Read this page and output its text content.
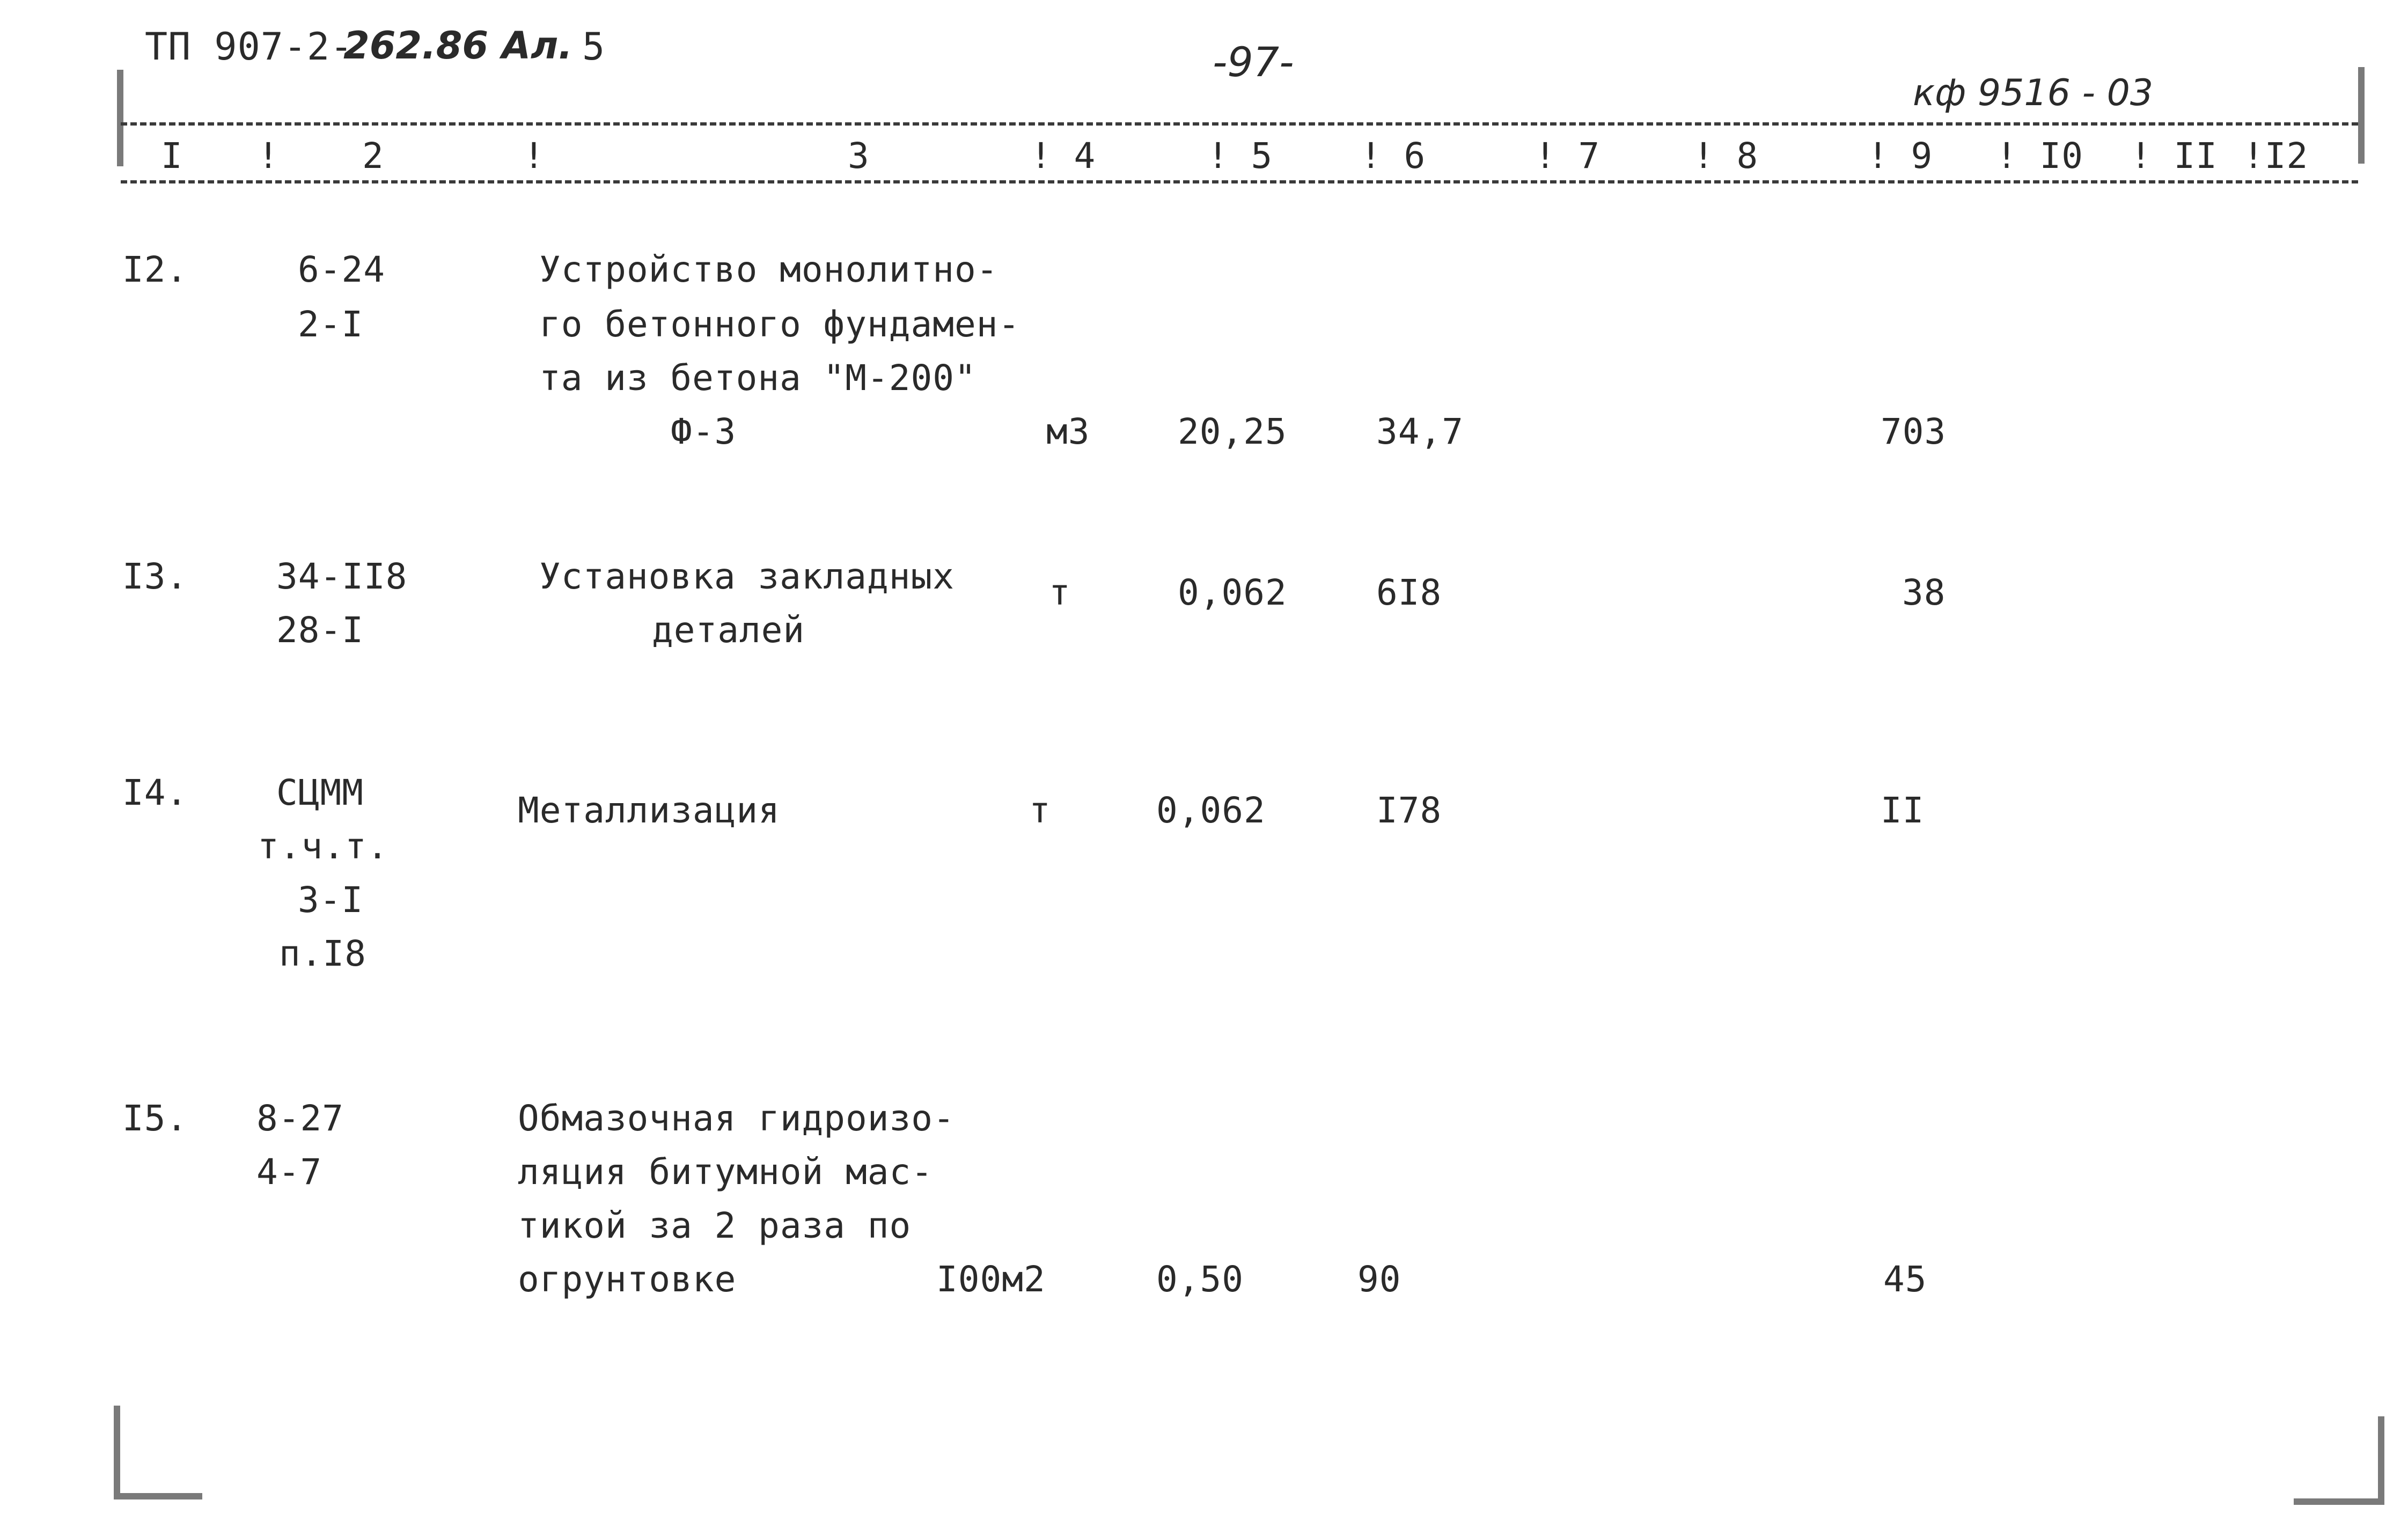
ТП 907-2-
262.86 Ал. 5	-97-
кф 9516 - 03
I ! 2	!	3	! 4	! 5 ! 6	! 7	! 8	! 9 ! I0 ! II !I2
I2.	6-24
2-I
Устройство монолитно-
го бетонного фундамен-
та из бетона "М-200"
Ф-3	м3 20,25	34,7	703
I3. 34-II8
28-I
Установка закладных
деталей
т	0,062	6I8	38
I4. СЦММ
т.ч.т.
3-I
п.I8
Металлизация	т	0,062	I78	II
I5. 8-27
4-7
Обмазочная гидроизо-
ляция битумной мас-
тикой за 2 раза по
огрунтовке	I00м2	0,50	90	45
